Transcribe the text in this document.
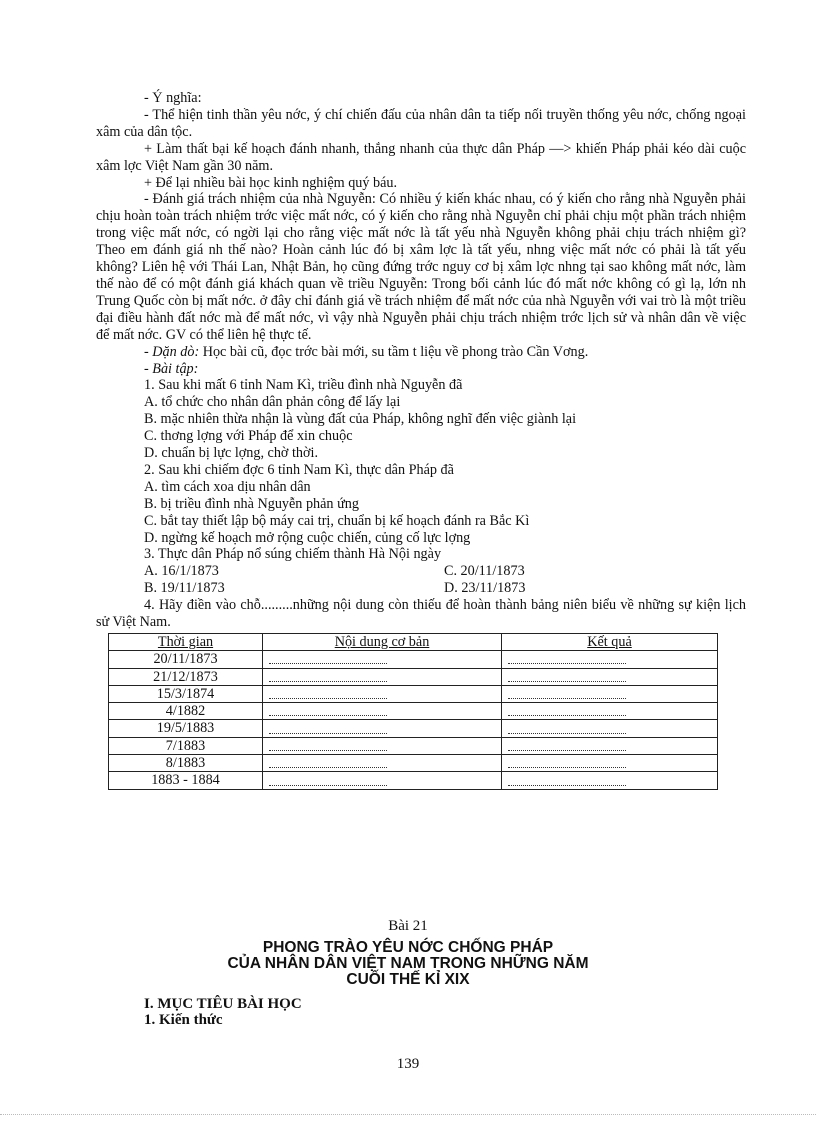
- Ý nghĩa:

- Thể hiện tinh thần yêu nớc, ý chí chiến đấu của nhân dân ta tiếp nối truyền thống yêu nớc, chống ngoại xâm của dân tộc.

+ Làm thất bại kế hoạch đánh nhanh, thắng nhanh của thực dân Pháp —> khiến Pháp phải kéo dài cuộc xâm lợc Việt Nam gần 30 năm.

+ Để lại nhiều bài học kinh nghiệm quý báu.

- Đánh giá trách nhiệm của nhà Nguyễn: Có nhiều ý kiến khác nhau, có ý kiến cho rằng nhà Nguyễn phải chịu hoàn toàn trách nhiệm trớc việc mất nớc, có ý kiến cho rằng nhà Nguyễn chỉ phải chịu một phần trách nhiệm trong việc mất nớc, có ngời lại cho rằng việc mất nớc là tất yếu nhà Nguyễn không phải chịu trách nhiệm gì? Theo em đánh giá nh thế nào? Hoàn cảnh lúc đó bị xâm lợc là tất yếu, nhng việc mất nớc có phải là tất yếu không? Liên hệ với Thái Lan, Nhật Bản, họ cũng đứng trớc nguy cơ bị xâm lợc nhng tại sao không mất nớc, làm thế nào để có một đánh giá khách quan về triều Nguyễn: Trong bối cảnh lúc đó mất nớc không có gì lạ, lớn nh Trung Quốc còn bị mất nớc. ở đây chỉ đánh giá về trách nhiệm để mất nớc của nhà Nguyễn với vai trò là một triều đại điều hành đất nớc mà để mất nớc, vì vậy nhà Nguyễn phải chịu trách nhiệm trớc lịch sử và nhân dân về việc để mất nớc. GV có thể liên hệ thực tế.

- Dặn dò: Học bài cũ, đọc trớc bài mới, su tầm t liệu về phong trào Cần Vơng.

- Bài tập:

1. Sau khi mất 6 tỉnh Nam Kì, triều đình nhà Nguyễn đã

A. tổ chức cho nhân dân phản công để lấy lại

B. mặc nhiên thừa nhận là vùng đất của Pháp, không nghĩ đến việc giành lại

C. thơng lợng với Pháp để xin chuộc

D. chuẩn bị lực lợng, chờ thời.

2. Sau khi chiếm đợc 6 tỉnh Nam Kì, thực dân Pháp đã

A. tìm cách xoa dịu nhân dân

B. bị triều đình nhà Nguyễn phản ứng

C. bắt tay thiết lập bộ máy cai trị, chuẩn bị kế hoạch đánh ra Bắc Kì

D. ngừng kế hoạch mở rộng cuộc chiến, củng cố lực lợng

3. Thực dân Pháp nổ súng chiếm thành Hà Nội ngày

A. 16/1/1873	C. 20/11/1873
B. 19/11/1873	D. 23/11/1873

4. Hãy điền vào chỗ.........những nội dung còn thiếu để hoàn thành bảng niên biểu về những sự kiện lịch sử Việt Nam.

Thời gian	Nội dung cơ bản	Kết quả
20/11/1873	

21/12/1873	

15/3/1874	

4/1882	

19/5/1883	

7/1883	

8/1883	

1883 - 1884	

Bài 21
PHONG TRÀO YÊU NỚC CHỐNG PHÁP
CỦA NHÂN DÂN VIỆT NAM TRONG NHỮNG NĂM
CUỐI THẾ KỈ XIX
I. MỤC TIÊU BÀI HỌC
1. Kiến thức
139
